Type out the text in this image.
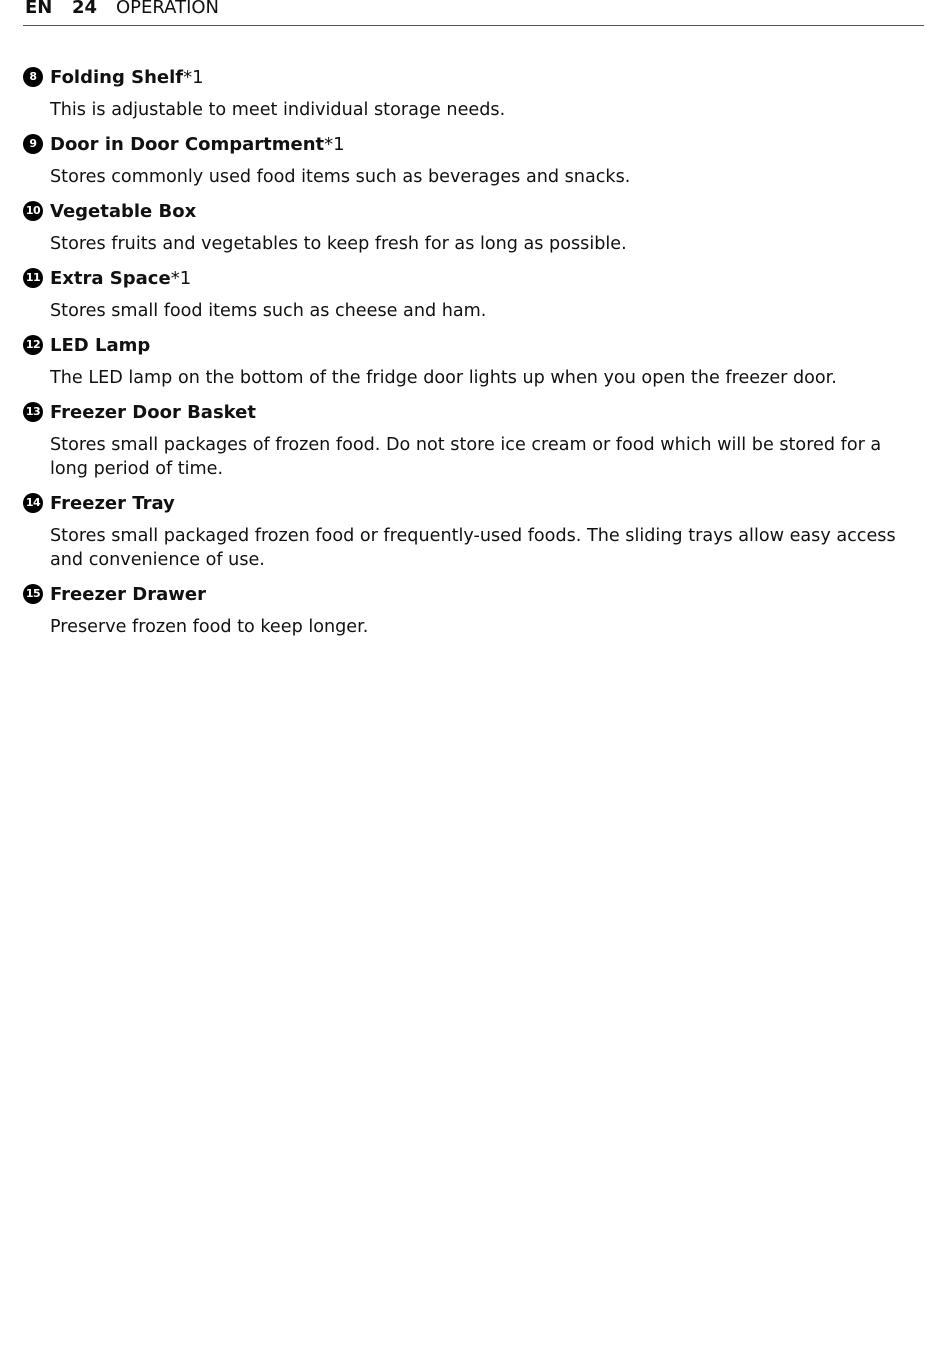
EN 24 OPERATION
8 Folding Shelf*1
This is adjustable to meet individual storage needs.
9 Door in Door Compartment*1
Stores commonly used food items such as beverages and snacks.
10 Vegetable Box
Stores fruits and vegetables to keep fresh for as long as possible.
11 Extra Space*1
Stores small food items such as cheese and ham.
12 LED Lamp
The LED lamp on the bottom of the fridge door lights up when you open the freezer door.
13 Freezer Door Basket
Stores small packages of frozen food. Do not store ice cream or food which will be stored for a long period of time.
14 Freezer Tray
Stores small packaged frozen food or frequently-used foods. The sliding trays allow easy access and convenience of use.
15 Freezer Drawer
Preserve frozen food to keep longer.
